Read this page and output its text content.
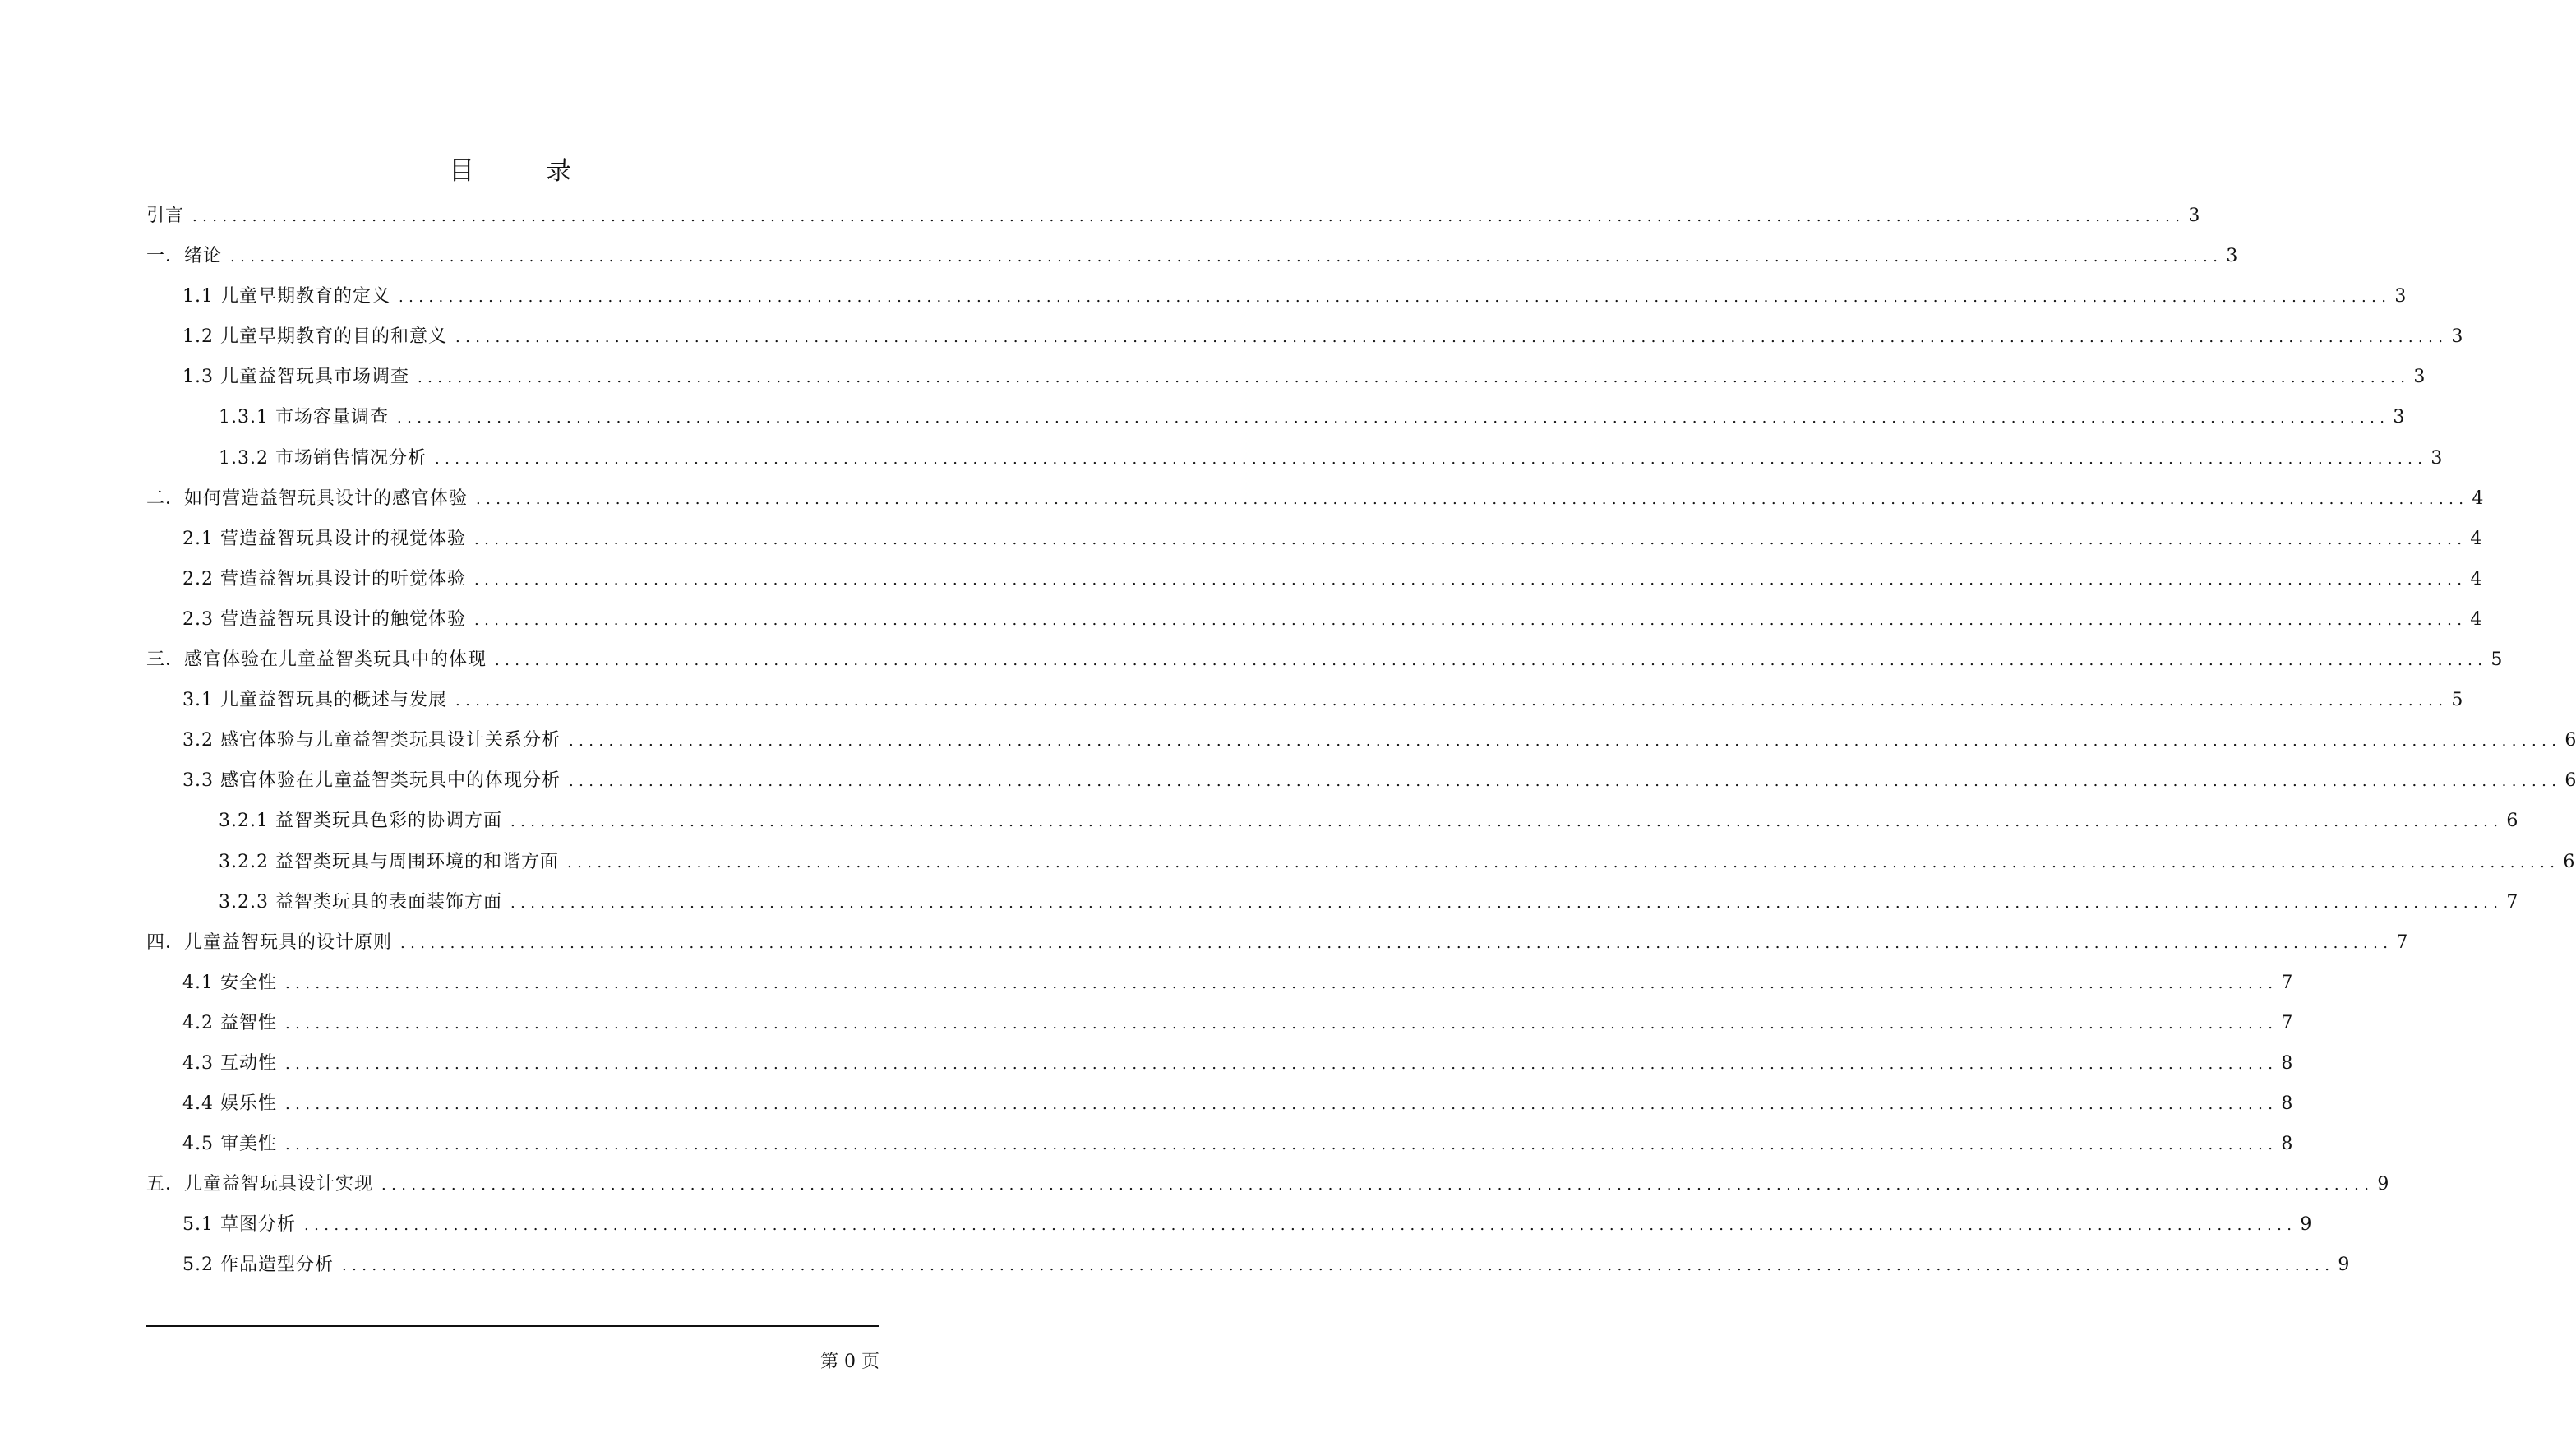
目　录
引言 ........................................................................................................................................................................................................ 3
一．绪论 ........................................................................................................................................................................................................ 3
1.1 儿童早期教育的定义 ........................................................................................................................................................................................................ 3
1.2 儿童早期教育的目的和意义 ........................................................................................................................................................................................................ 3
1.3 儿童益智玩具市场调查 ........................................................................................................................................................................................................ 3
1.3.1 市场容量调查 ........................................................................................................................................................................................................ 3
1.3.2 市场销售情况分析 ........................................................................................................................................................................................................ 3
二．如何营造益智玩具设计的感官体验 ........................................................................................................................................................................................................ 4
2.1 营造益智玩具设计的视觉体验 ........................................................................................................................................................................................................ 4
2.2 营造益智玩具设计的听觉体验 ........................................................................................................................................................................................................ 4
2.3 营造益智玩具设计的触觉体验 ........................................................................................................................................................................................................ 4
三．感官体验在儿童益智类玩具中的体现 ........................................................................................................................................................................................................ 5
3.1 儿童益智玩具的概述与发展 ........................................................................................................................................................................................................ 5
3.2 感官体验与儿童益智类玩具设计关系分析 ........................................................................................................................................................................................................ 6
3.3 感官体验在儿童益智类玩具中的体现分析 ........................................................................................................................................................................................................ 6
3.2.1 益智类玩具色彩的协调方面 ........................................................................................................................................................................................................ 6
3.2.2 益智类玩具与周围环境的和谐方面 ........................................................................................................................................................................................................ 6
3.2.3 益智类玩具的表面装饰方面 ........................................................................................................................................................................................................ 7
四．儿童益智玩具的设计原则 ........................................................................................................................................................................................................ 7
4.1 安全性 ........................................................................................................................................................................................................ 7
4.2 益智性 ........................................................................................................................................................................................................ 7
4.3 互动性 ........................................................................................................................................................................................................ 8
4.4 娱乐性 ........................................................................................................................................................................................................ 8
4.5 审美性 ........................................................................................................................................................................................................ 8
五．儿童益智玩具设计实现 ........................................................................................................................................................................................................ 9
5.1 草图分析 ........................................................................................................................................................................................................ 9
5.2 作品造型分析 ........................................................................................................................................................................................................ 9
第 0 页
